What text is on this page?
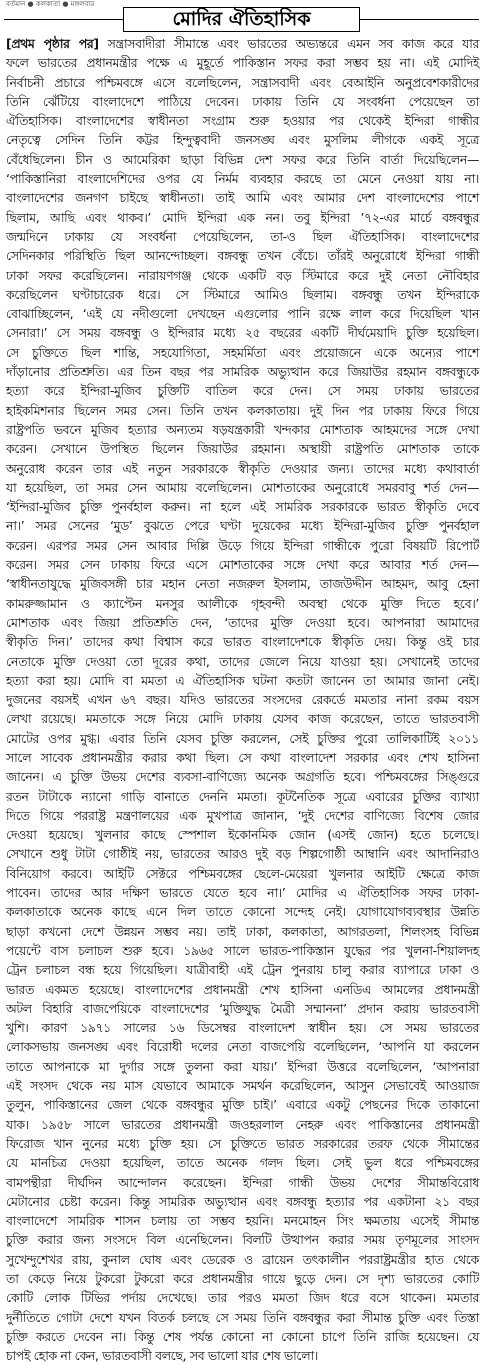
বর্তমান ● কলকাতা ● মঙ্গলবার
মোদির ঐতিহাসিক
[প্রথম পৃষ্ঠার পর] সন্ত্রাসবাদীরা সীমান্তে এবং ভারতের অভ্যন্তরে এমন সব কাজ করে যার
ফলে ভারতের প্রধানমন্ত্রীর পক্ষে এ মুহূর্তে পাকিস্তান সফর করা সম্ভব হয় না। এই মোদিই
নির্বাচনী প্রচারে পশ্চিমবঙ্গে এসে বলেছিলেন, সন্ত্রাসবাদী এবং বেআইনি অনুপ্রবেশকারীদের
তিনি ঝেঁটিয়ে বাংলাদেশে পাঠিয়ে দেবেন। ঢাকায় তিনি যে সংবর্ধনা পেয়েছেন তা
ঐতিহাসিক। বাংলাদেশের স্বাধীনতা সংগ্রাম শুরু হওয়ার পর থেকেই ইন্দিরা গান্ধীর
নেতৃত্বে সেদিন তিনি কট্টর হিন্দুত্ববাদী জনসঙ্ঘ এবং মুসলিম লীগকে একই সূত্রে
বেঁধেছিলেন। চীন ও আমেরিকা ছাড়া বিভিন্ন দেশ সফর করে তিনি বার্তা দিয়েছিলেন—
‘পাকিস্তানিরা বাংলাদেশিদের ওপর যে নির্মম ব্যবহার করছে তা মেনে নেওয়া যায় না।
বাংলাদেশের জনগণ চাইছে স্বাধীনতা। তাই আমি এবং আমার দেশ বাংলাদেশের পাশে
ছিলাম, আছি এবং থাকব।’ মোদি ইন্দিরা এক নন। তবু ইন্দিরা ’৭২-এর মার্চে বঙ্গবন্ধুর
জন্মদিনে ঢাকায় যে সংবর্ধনা পেয়েছিলেন, তা-ও ছিল ঐতিহাসিক। বাংলাদেশের
সেদিনকার পরিস্থিতি ছিল আনন্দোচ্ছল। বঙ্গবন্ধু তখন বেঁচে। তাঁরই অনুরোধে ইন্দিরা গান্ধী
ঢাকা সফর করেছিলেন। নারায়ণগঞ্জ থেকে একটি বড় স্টিমারে করে দুই নেতা নৌবিহার
করেছিলেন ঘণ্টাচারেক ধরে। সে স্টিমারে আমিও ছিলাম। বঙ্গবন্ধু তখন ইন্দিরাকে
বোঝাচ্ছিলেন, ‘এই যে নদীগুলো দেখছেন এগুলোর পানি রক্ষে লাল করে দিয়েছিল খান
সেনারা।’ সে সময় বঙ্গবন্ধু ও ইন্দিরার মধ্যে ২৫ বছরের একটি দীর্ঘমেয়াদি চুক্তি হয়েছিল।
সে চুক্তিতে ছিল শান্তি, সহযোগিতা, সহমর্মিতা এবং প্রয়োজনে একে অন্যের পাশে
দাঁড়ানোর প্রতিশ্রুতি। এর তিন বছর পর সামরিক অভ্যুত্থান করে জিয়াউর রহমান বঙ্গবন্ধুকে
হত্যা করে ইন্দিরা-মুজিব চুক্তিটি বাতিল করে দেন। সে সময় ঢাকায় ভারতের
হাইকমিশনার ছিলেন সমর সেন। তিনি তখন কলকাতায়। দুই দিন পর ঢাকায় ফিরে গিয়ে
রাষ্ট্রপতি ভবনে মুজিব হত্যার অন্যতম ষড়যন্ত্রকারী খন্দকার মোশতাক আহমদের সঙ্গে দেখা
করেন। সেখানে উপস্থিত ছিলেন জিয়াউর রহমান। অস্থায়ী রাষ্ট্রপতি মোশতাক তাকে
অনুরোধ করেন তার এই নতুন সরকারকে স্বীকৃতি দেওয়ার জন্য। তাদের মধ্যে কথাবার্তা
যা হয়েছিল, তা সমর সেন আমায় বলেছিলেন। মোশতাকের অনুরোধে সমরবাবু শর্ত দেন—
‘ইন্দিরা-মুজিব চুক্তি পুনর্বহাল করুন। না হলে এই সামরিক সরকারকে ভারত স্বীকৃতি দেবে
না।’ সমর সেনের ‘মুড’ বুঝতে পেরে ঘণ্টা দুয়েকের মধ্যে ইন্দিরা-মুজিব চুক্তি পুনর্বহাল
করেন। এরপর সমর সেন আবার দিল্লি উড়ে গিয়ে ইন্দিরা গান্ধীকে পুরো বিষয়টি রিপোর্ট
করেন। সমর সেন ঢাকায় ফিরে এসে মোশতাকের সঙ্গে দেখা করে আবার শর্ত দেন—
‘স্বাধীনতাযুদ্ধে মুজিবসঙ্গী চার মহান নেতা নজরুল ইসলাম, তাজউদ্দীন আহমদ, আবু হেনা
কামরুজ্জামান ও ক্যাপ্টেন মনসুর আলীকে গৃহবন্দী অবস্থা থেকে মুক্তি দিতে হবে।’
মোশতাক এবং জিয়া প্রতিশ্রুতি দেন, ‘তাদের মুক্তি দেওয়া হবে। আপনারা আমাদের
স্বীকৃতি দিন।’ তাদের কথা বিশ্বাস করে ভারত বাংলাদেশকে স্বীকৃতি দেয়। কিন্তু ওই চার
নেতাকে মুক্তি দেওয়া তো দূরের কথা, তাদের জেলে নিয়ে যাওয়া হয়। সেখানেই তাদের
হত্যা করা হয়। মোদি বা মমতা এ ঐতিহাসিক ঘটনা কতটা জানেন তা আমার জানা নেই।
দুজনের বয়সই এখন ৬৭ বছর। যদিও ভারতের সংসদের রেকর্ডে মমতার নানা রকম বয়স
লেখা রয়েছে। মমতাকে সঙ্গে নিয়ে মোদি ঢাকায় যেসব কাজ করেছেন, তাতে ভারতবাসী
মোটের ওপর মুগ্ধ। এবার তিনি যেসব চুক্তি করলেন, সেই চুক্তির পুরো তালিকাটিই ২০১১
সালে সাবেক প্রধানমন্ত্রীর করার কথা ছিল। সে কথা বাংলাদেশ সরকার এবং শেখ হাসিনা
জানেন। এ চুক্তি উভয় দেশের ব্যবসা-বাণিজ্যে অনেক অগ্রগতি হবে। পশ্চিমবঙ্গের সিঙ্গুরে
রতন টাটাকে ন্যানো গাড়ি বানাতে দেননি মমতা। কূটনৈতিক সূত্রে এবারের চুক্তির ব্যাখ্যা
দিতে গিয়ে পররাষ্ট্র মন্ত্রণালয়ের এক মুখপাত্র জানান, ‘দুই দেশের বাণিজ্যে বিশেষ জোর
দেওয়া হয়েছে। খুলনার কাছে স্পেশাল ইকোনমিক জোন (এসই জোন) হতে চলেছে।
সেখানে শুধু টাটা গোষ্ঠীই নয়, ভারতের আরও দুই বড় শিল্পগোষ্ঠী আম্বানি এবং আদানিরাও
বিনিয়োগ করবে। আইটি সেক্টরে পশ্চিমবঙ্গের ছেলে-মেয়েরা খুলনার আইটি ক্ষেত্রে কাজ
পাবেন। তাদের আর দক্ষিণ ভারতে যেতে হবে না।’ মোদির এ ঐতিহাসিক সফর ঢাকা-
কলকাতাকে অনেক কাছে এনে দিল তাতে কোনো সন্দেহ নেই। যোগাযোগব্যবস্থার উন্নতি
ছাড়া কখনো দেশে উন্নয়ন সম্ভব নয়। তাই ঢাকা, কলকাতা, আগরতলা, শিলংসহ বিভিন্ন
পয়েন্টে বাস চলাচল শুরু হবে। ১৯৬৫ সালে ভারত-পাকিস্তান যুদ্ধের পর খুলনা-শিয়ালদহ
ট্রেন চলাচল বন্ধ হয়ে গিয়েছিল। যাত্রীবাহী এই ট্রেন পুনরায় চালু করার ব্যাপারে ঢাকা ও
ভারত একমত হয়েছে। বাংলাদেশের প্রধানমন্ত্রী শেখ হাসিনা এনডিএ আমলের প্রধানমন্ত্রী
অটল বিহারি বাজপেয়িকে বাংলাদেশের ‘মুক্তিযুদ্ধ মৈত্রী সম্মাননা’ প্রদান করায় ভারতবাসী
খুশি। কারণ ১৯৭১ সালের ১৬ ডিসেম্বর বাংলাদেশ স্বাধীন হয়। সে সময় ভারতের
লোকসভায় জনসঙ্ঘ এবং বিরোধী দলের নেতা বাজপেয়ি বলেছিলেন, ‘আপনি যা করলেন
তাতে আপনাকে মা দুর্গার সঙ্গে তুলনা করা যায়।’ ইন্দিরা উত্তরে বলেছিলেন, ‘আপনারা
এই সংসদ থেকে নয় মাস যেভাবে আমাকে সমর্থন করেছিলেন, আসুন সেভাবেই আওয়াজ
তুলুন, পাকিস্তানের জেল থেকে বঙ্গবন্ধুর মুক্তি চাই।’ এবারে একটু পেছনের দিকে তাকানো
যাক। ১৯৫৮ সালে ভারতের প্রধানমন্ত্রী জওহরলাল নেহরু এবং পাকিস্তানের প্রধানমন্ত্রী
ফিরোজ খান নুনের মধ্যে চুক্তি হয়। সে চুক্তিতে ভারত সরকারের তরফ থেকে সীমান্তের
যে মানচিত্র দেওয়া হয়েছিল, তাতে অনেক গলদ ছিল। সেই ভুল ধরে পশ্চিমবঙ্গের
বামপন্থীরা দীর্ঘদিন আন্দোলন করেছেন। ইন্দিরা গান্ধী উভয় দেশের সীমান্তবিরোধ
মেটানোর চেষ্টা করেন। কিন্তু সামরিক অভ্যুত্থান এবং বঙ্গবন্ধু হত্যার পর একটানা ২১ বছর
বাংলাদেশে সামরিক শাসন চলায় তা সম্ভব হয়নি। মনমোহন সিং ক্ষমতায় এসেই সীমান্ত
চুক্তি করার জন্য সংসদে বিল এনেছিলেন। বিলটি উত্থাপন করার সময় তৃণমূলের সাংসদ
সুখেন্দুশেখর রায়, কুনাল ঘোষ এবং ডেরেক ও ব্রায়েন তৎকালীন পররাষ্ট্রমন্ত্রীর হাত থেকে
তা কেড়ে নিয়ে টুকরো টুকরো করে প্রধানমন্ত্রীর গায়ে ছুড়ে দেন। সে দৃশ্য ভারতের কোটি
কোটি লোক টিভির পর্দায় দেখেছে। তার পরও মমতা জিদ ধরে বসে থাকেন। মমতার
দুর্নীতিতে গোটা দেশে যখন বিতর্ক চলছে সে সময় তিনি বঙ্গবন্ধুর করা সীমান্ত চুক্তি এবং তিস্তা
চুক্তি করতে দেবেন না। কিন্তু শেষ পর্যন্ত কোনো না কোনো চাপে তিনি রাজি হয়েছেন। যে
চাপই হোক না কেন, ভারতবাসী বলছে, সব ভালো যার শেষ ভালো।
